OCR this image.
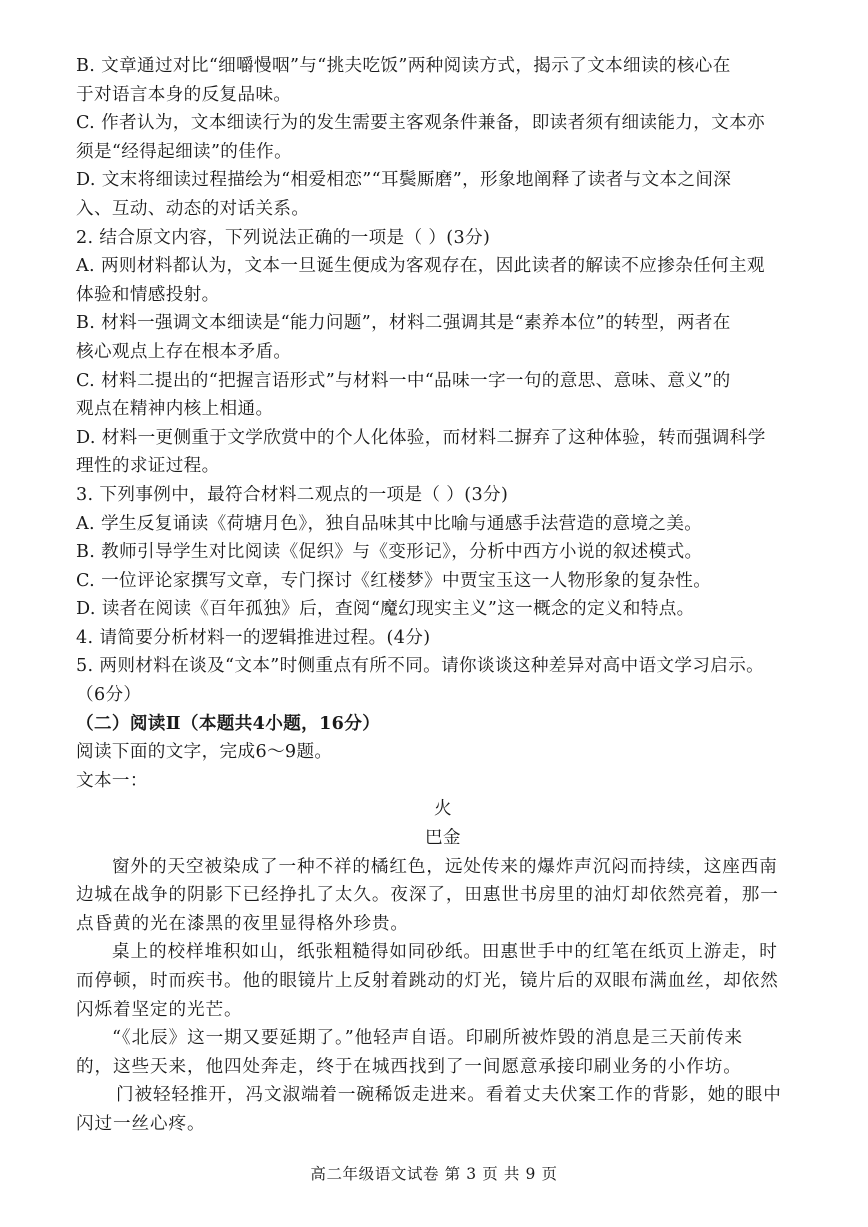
B. 文章通过对比“细嚼慢咽”与“挑夫吃饭”两种阅读方式，揭示了文本细读的核心在
于对语言本身的反复品味。
C. 作者认为，文本细读行为的发生需要主客观条件兼备，即读者须有细读能力，文本亦
须是“经得起细读”的佳作。
D. 文末将细读过程描绘为“相爱相恋”“耳鬓厮磨”，形象地阐释了读者与文本之间深
入、互动、动态的对话关系。
2. 结合原文内容，下列说法正确的一项是（ ）(3分)
A. 两则材料都认为，文本一旦诞生便成为客观存在，因此读者的解读不应掺杂任何主观
体验和情感投射。
B. 材料一强调文本细读是“能力问题”，材料二强调其是“素养本位”的转型，两者在
核心观点上存在根本矛盾。
C. 材料二提出的“把握言语形式”与材料一中“品味一字一句的意思、意味、意义”的
观点在精神内核上相通。
D. 材料一更侧重于文学欣赏中的个人化体验，而材料二摒弃了这种体验，转而强调科学
理性的求证过程。
3. 下列事例中，最符合材料二观点的一项是（ ）(3分)
A. 学生反复诵读《荷塘月色》，独自品味其中比喻与通感手法营造的意境之美。
B. 教师引导学生对比阅读《促织》与《变形记》，分析中西方小说的叙述模式。
C. 一位评论家撰写文章，专门探讨《红楼梦》中贾宝玉这一人物形象的复杂性。
D. 读者在阅读《百年孤独》后，查阅“魔幻现实主义”这一概念的定义和特点。
4. 请简要分析材料一的逻辑推进过程。(4分)
5. 两则材料在谈及“文本”时侧重点有所不同。请你谈谈这种差异对高中语文学习启示。
（6分）
（二）阅读Ⅱ（本题共4小题，16分）
阅读下面的文字，完成6～9题。
文本一：
火
巴金
窗外的天空被染成了一种不祥的橘红色，远处传来的爆炸声沉闷而持续，这座西南
边城在战争的阴影下已经挣扎了太久。夜深了，田惠世书房里的油灯却依然亮着，那一
点昏黄的光在漆黑的夜里显得格外珍贵。
桌上的校样堆积如山，纸张粗糙得如同砂纸。田惠世手中的红笔在纸页上游走，时
而停顿，时而疾书。他的眼镜片上反射着跳动的灯光，镜片后的双眼布满血丝，却依然
闪烁着坚定的光芒。
“《北辰》这一期又要延期了。”他轻声自语。印刷所被炸毁的消息是三天前传来
的，这些天来，他四处奔走，终于在城西找到了一间愿意承接印刷业务的小作坊。
门被轻轻推开，冯文淑端着一碗稀饭走进来。看着丈夫伏案工作的背影，她的眼中
闪过一丝心疼。
高二年级语文试卷 第 3 页 共 9 页
